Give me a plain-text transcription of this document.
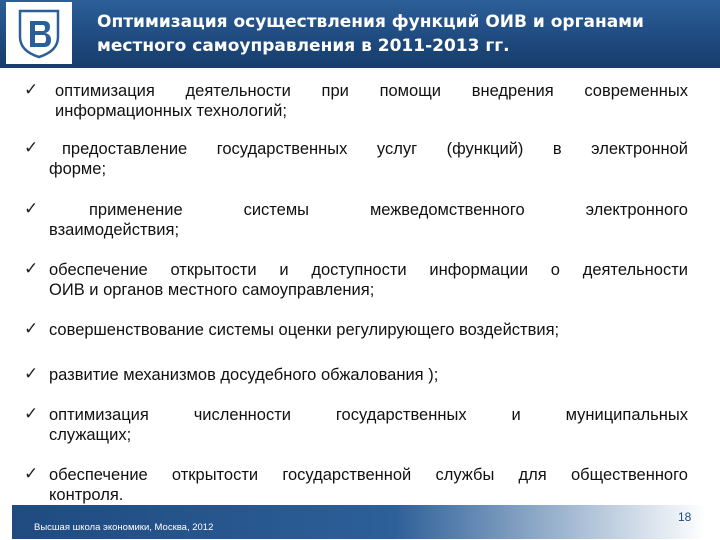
Оптимизация осуществления функций ОИВ и органами
местного самоуправления в 2011-2013 гг.
✓ оптимизация деятельности при помощи внедрения современных
информационных технологий;
✓ предоставление государственных услуг (функций) в электронной
форме;
✓	применение	системы	межведомственного	электронного
взаимодействия;
✓ обеспечение открытости и доступности информации о деятельности
ОИВ и органов местного самоуправления;
✓ совершенствование системы оценки регулирующего воздействия;
✓ развитие механизмов досудебного обжалования );
✓ оптимизация	численности	государственных	и	муниципальных
служащих;
✓ обеспечение открытости государственной службы для общественного
контроля.
Высшая школа экономики, Москва, 2012
18
